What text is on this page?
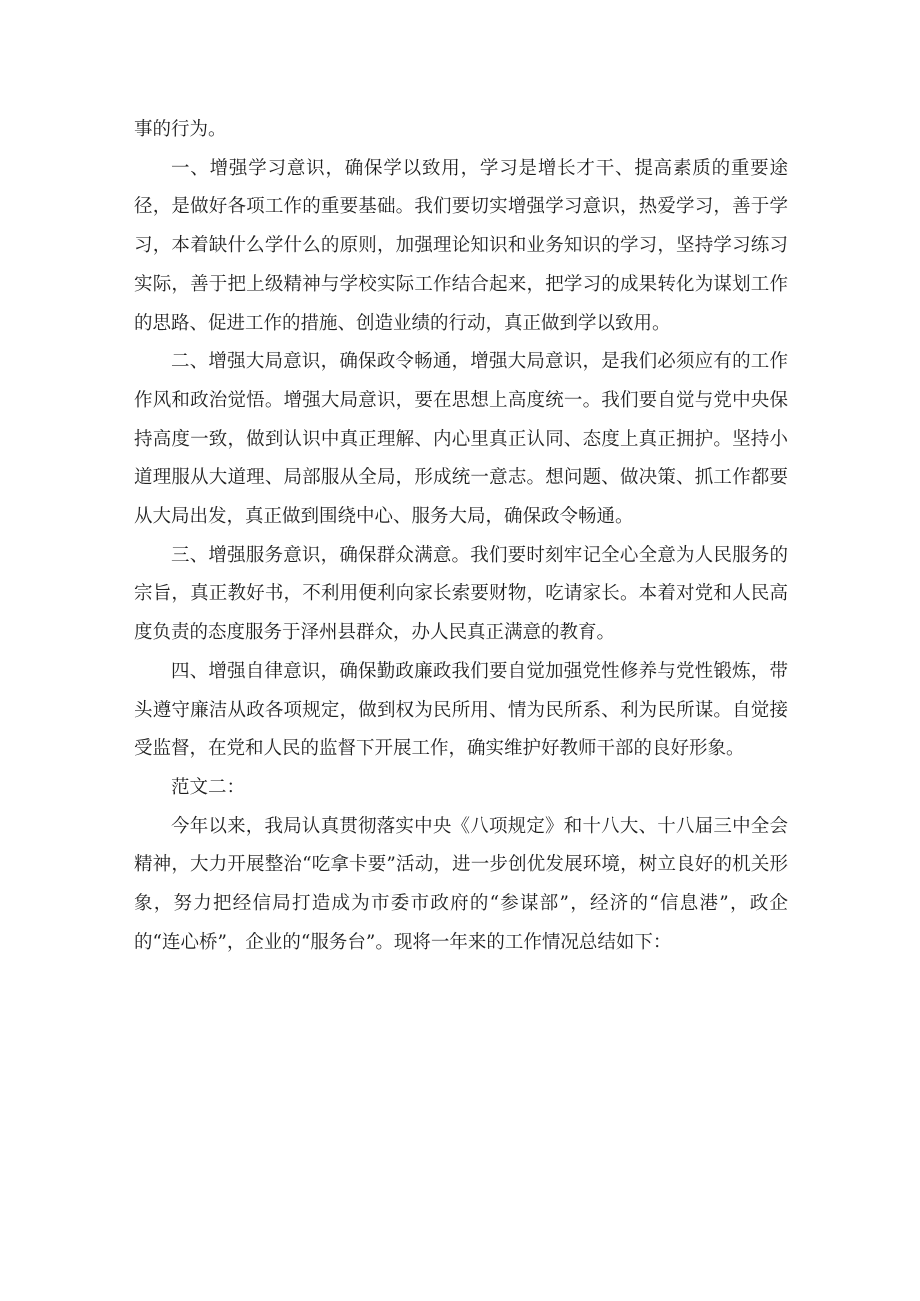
事的行为。

一、增强学习意识，确保学以致用，学习是增长才干、提高素质的重要途径，是做好各项工作的重要基础。我们要切实增强学习意识，热爱学习，善于学习，本着缺什么学什么的原则，加强理论知识和业务知识的学习，坚持学习练习实际，善于把上级精神与学校实际工作结合起来，把学习的成果转化为谋划工作的思路、促进工作的措施、创造业绩的行动，真正做到学以致用。

二、增强大局意识，确保政令畅通，增强大局意识，是我们必须应有的工作作风和政治觉悟。增强大局意识，要在思想上高度统一。我们要自觉与党中央保持高度一致，做到认识中真正理解、内心里真正认同、态度上真正拥护。坚持小道理服从大道理、局部服从全局，形成统一意志。想问题、做决策、抓工作都要从大局出发，真正做到围绕中心、服务大局，确保政令畅通。

三、增强服务意识，确保群众满意。我们要时刻牢记全心全意为人民服务的宗旨，真正教好书，不利用便利向家长索要财物，吃请家长。本着对党和人民高度负责的态度服务于泽州县群众，办人民真正满意的教育。

四、增强自律意识，确保勤政廉政我们要自觉加强党性修养与党性锻炼，带头遵守廉洁从政各项规定，做到权为民所用、情为民所系、利为民所谋。自觉接受监督，在党和人民的监督下开展工作，确实维护好教师干部的良好形象。

范文二：

今年以来，我局认真贯彻落实中央《八项规定》和十八大、十八届三中全会精神，大力开展整治“吃拿卡要”活动，进一步创优发展环境，树立良好的机关形象，努力把经信局打造成为市委市政府的“参谋部”，经济的“信息港”，政企的“连心桥”，企业的“服务台”。现将一年来的工作情况总结如下：
